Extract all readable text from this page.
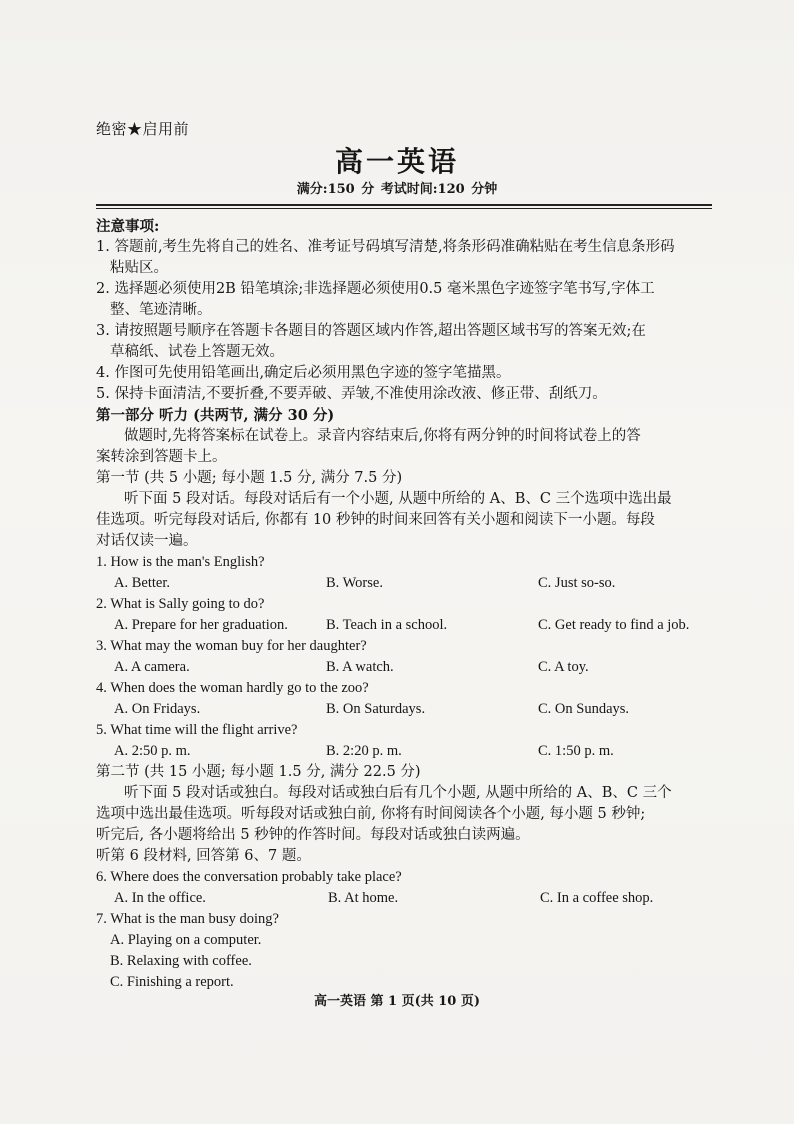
绝密★启用前
高一英语
满分:150 分 考试时间:120 分钟
注意事项:
1. 答题前,考生先将自己的姓名、准考证号码填写清楚,将条形码准确粘贴在考生信息条形码
粘贴区。
2. 选择题必须使用2B 铅笔填涂;非选择题必须使用0.5 毫米黑色字迹签字笔书写,字体工
整、笔迹清晰。
3. 请按照题号顺序在答题卡各题目的答题区域内作答,超出答题区域书写的答案无效;在
草稿纸、试卷上答题无效。
4. 作图可先使用铅笔画出,确定后必须用黑色字迹的签字笔描黑。
5. 保持卡面清洁,不要折叠,不要弄破、弄皱,不准使用涂改液、修正带、刮纸刀。
第一部分 听力 (共两节, 满分 30 分)
做题时,先将答案标在试卷上。录音内容结束后,你将有两分钟的时间将试卷上的答
案转涂到答题卡上。
第一节 (共 5 小题; 每小题 1.5 分, 满分 7.5 分)
听下面 5 段对话。每段对话后有一个小题, 从题中所给的 A、B、C 三个选项中选出最
佳选项。听完每段对话后, 你都有 10 秒钟的时间来回答有关小题和阅读下一小题。每段
对话仅读一遍。
1. How is the man's English?
A. Better.	B. Worse.	C. Just so-so.
2. What is Sally going to do?
A. Prepare for her graduation.	B. Teach in a school.	C. Get ready to find a job.
3. What may the woman buy for her daughter?
A. A camera.	B. A watch.	C. A toy.
4. When does the woman hardly go to the zoo?
A. On Fridays.	B. On Saturdays.	C. On Sundays.
5. What time will the flight arrive?
A. 2:50 p. m.	B. 2:20 p. m.	C. 1:50 p. m.
第二节 (共 15 小题; 每小题 1.5 分, 满分 22.5 分)
听下面 5 段对话或独白。每段对话或独白后有几个小题, 从题中所给的 A、B、C 三个
选项中选出最佳选项。听每段对话或独白前, 你将有时间阅读各个小题, 每小题 5 秒钟;
听完后, 各小题将给出 5 秒钟的作答时间。每段对话或独白读两遍。
听第 6 段材料, 回答第 6、7 题。
6. Where does the conversation probably take place?
A. In the office.	B. At home.	C. In a coffee shop.
7. What is the man busy doing?
A. Playing on a computer.
B. Relaxing with coffee.
C. Finishing a report.
高一英语 第 1 页(共 10 页)
